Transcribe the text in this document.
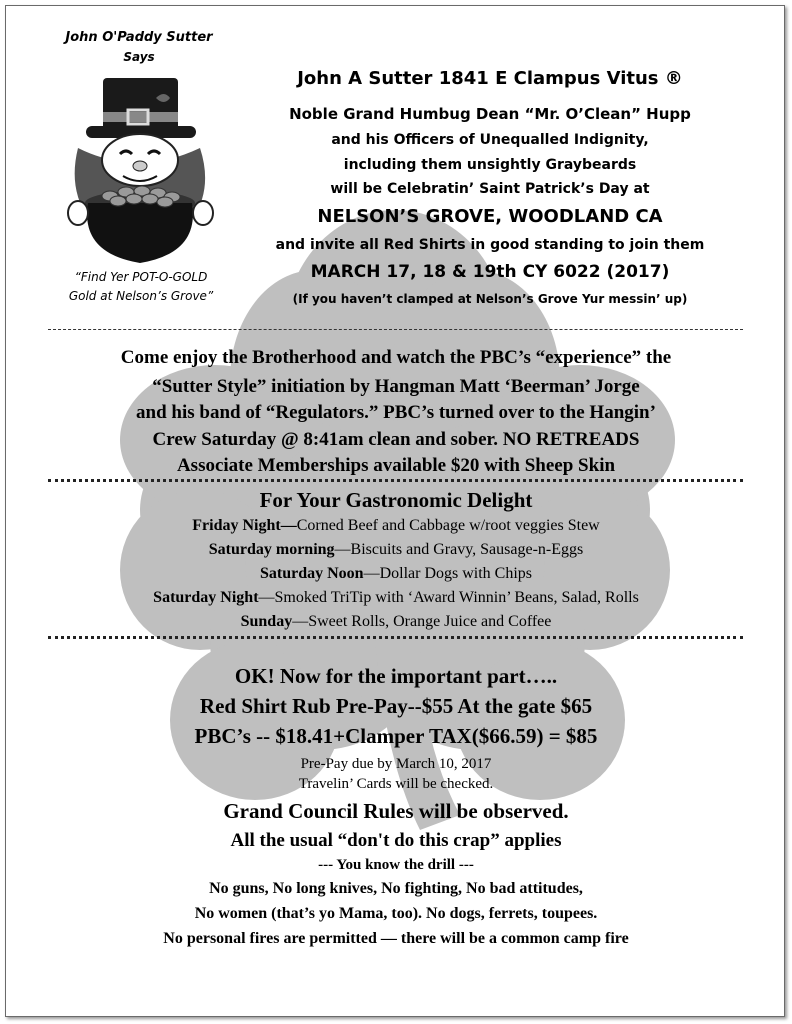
John O'Paddy Sutter
Says
“Find Yer POT-O-GOLD
Gold at Nelson’s Grove”
John A Sutter 1841 E Clampus Vitus ®
Noble Grand Humbug Dean “Mr. O’Clean” Hupp
and his Officers of Unequalled Indignity,
including them unsightly Graybeards
will be Celebratin’ Saint Patrick’s Day at
NELSON’S GROVE, WOODLAND CA
and invite all Red Shirts in good standing to join them
MARCH 17, 18 & 19th CY 6022 (2017)
(If you haven’t clamped at Nelson’s Grove Yur messin’ up)
Come enjoy the Brotherhood and watch the PBC’s “experience” the
“Sutter Style” initiation by Hangman Matt ‘Beerman’ Jorge
and his band of “Regulators.” PBC’s turned over to the Hangin’
Crew Saturday @ 8:41am clean and sober. NO RETREADS
Associate Memberships available $20 with Sheep Skin
For Your Gastronomic Delight
Friday Night—Corned Beef and Cabbage w/root veggies Stew
Saturday morning—Biscuits and Gravy, Sausage-n-Eggs
Saturday Noon—Dollar Dogs with Chips
Saturday Night—Smoked TriTip with ‘Award Winnin’ Beans, Salad, Rolls
Sunday—Sweet Rolls, Orange Juice and Coffee
OK! Now for the important part…..
Red Shirt Rub Pre-Pay--$55 At the gate $65
PBC’s -- $18.41+Clamper TAX($66.59) = $85
Pre-Pay due by March 10, 2017
Travelin’ Cards will be checked.
Grand Council Rules will be observed.
All the usual “don't do this crap” applies
--- You know the drill ---
No guns, No long knives, No fighting, No bad attitudes,
No women (that’s yo Mama, too). No dogs, ferrets, toupees.
No personal fires are permitted — there will be a common camp fire
